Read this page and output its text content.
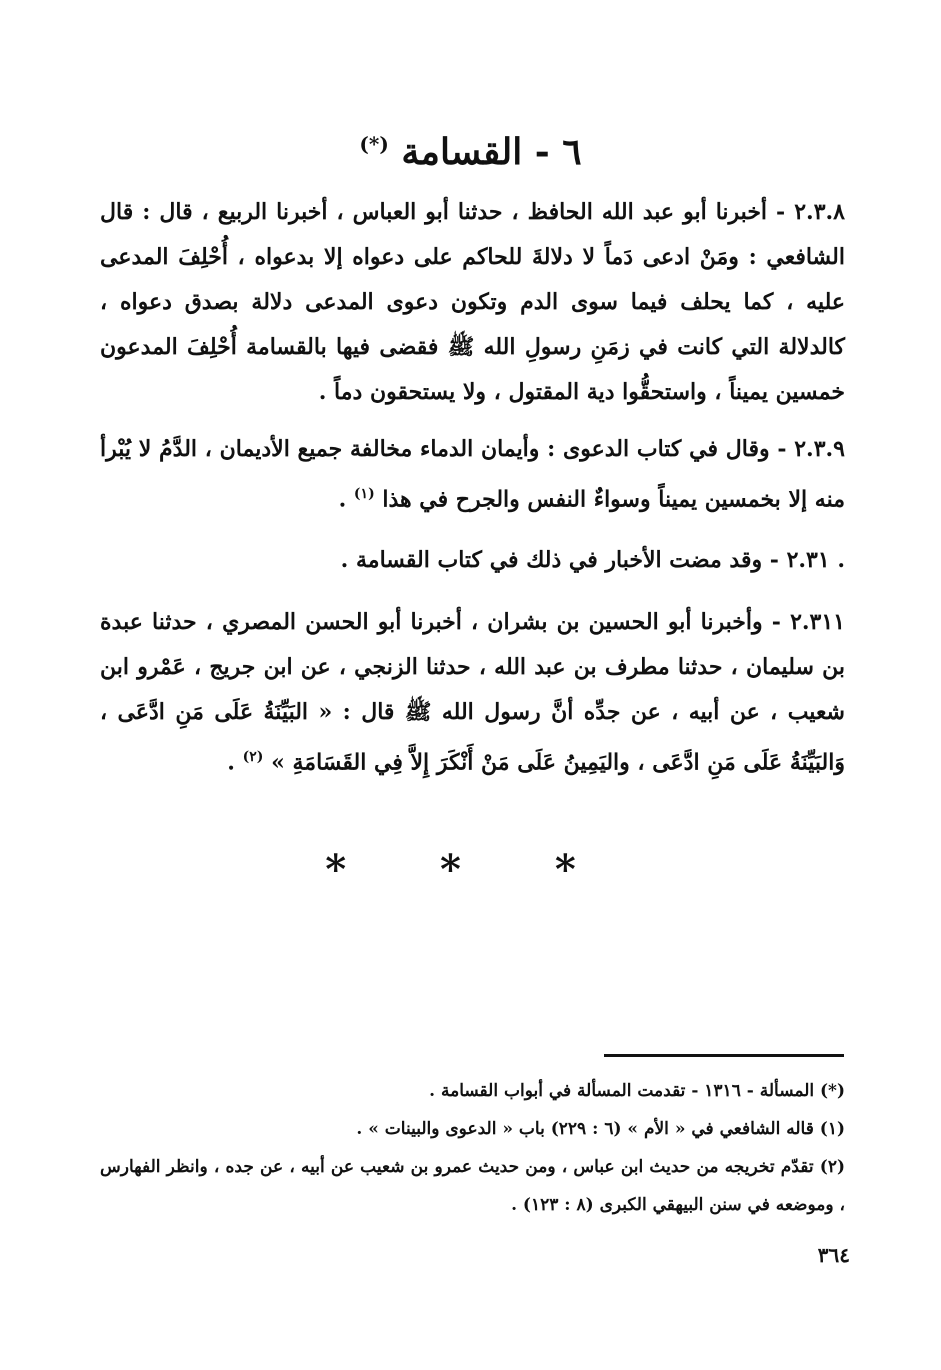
٦ - القسامة (*)

٢.٣.٨ - أخبرنا أبو عبد الله الحافظ ، حدثنا أبو العباس ، أخبرنا الربيع ، قال : قال الشافعي : ومَنْ ادعى دَماً لا دلالةَ للحاكم على دعواه إلا بدعواه ، أُحْلِفَ المدعى عليه ، كما يحلف فيما سوى الدم وتكون دعوى المدعى دلالة بصدق دعواه ، كالدلالة التي كانت في زمَنِ رسولِ الله ﷺ فقضى فيها بالقسامة أُحْلِفَ المدعون خمسين يميناً ، واستحقُّوا دية المقتول ، ولا يستحقون دماً .

٢.٣.٩ - وقال في كتاب الدعوى : وأيمان الدماء مخالفة جميع الأديمان ، الدَّمُ لا يُبْرأ منه إلا بخمسين يميناً وسواءٌ النفس والجرح في هذا $^{(١)}$ .

. ٢.٣١ - وقد مضت الأخبار في ذلك في كتاب القسامة .

٢.٣١١ - وأخبرنا أبو الحسين بن بشران ، أخبرنا أبو الحسن المصري ، حدثنا عبدة بن سليمان ، حدثنا مطرف بن عبد الله ، حدثنا الزنجي ، عن ابن جريج ، عَمْرو ابن شعيب ، عن أبيه ، عن جدِّه أنَّ رسول الله ﷺ قال : « البَيِّنَةُ عَلَى مَنِ ادَّعَى ، وَالبَيِّنَةُ عَلَى مَنِ ادَّعَى ، واليَمِينُ عَلَى مَنْ أَنْكَرَ إِلاَّ فِي القَسَامَةِ » $^{(٢)}$ .

* * *

(*) المسألة - ١٣١٦ - تقدمت المسألة في أبواب القسامة .

(١) قاله الشافعي في « الأم » (٦ : ٢٢٩) باب « الدعوى والبينات » .

(٢) تقدّم تخريجه من حديث ابن عباس ، ومن حديث عمرو بن شعيب عن أبيه ، عن جده ، وانظر الفهارس ، وموضعه في سنن البيهقي الكبرى (٨ : ١٢٣) .

٣٦٤
